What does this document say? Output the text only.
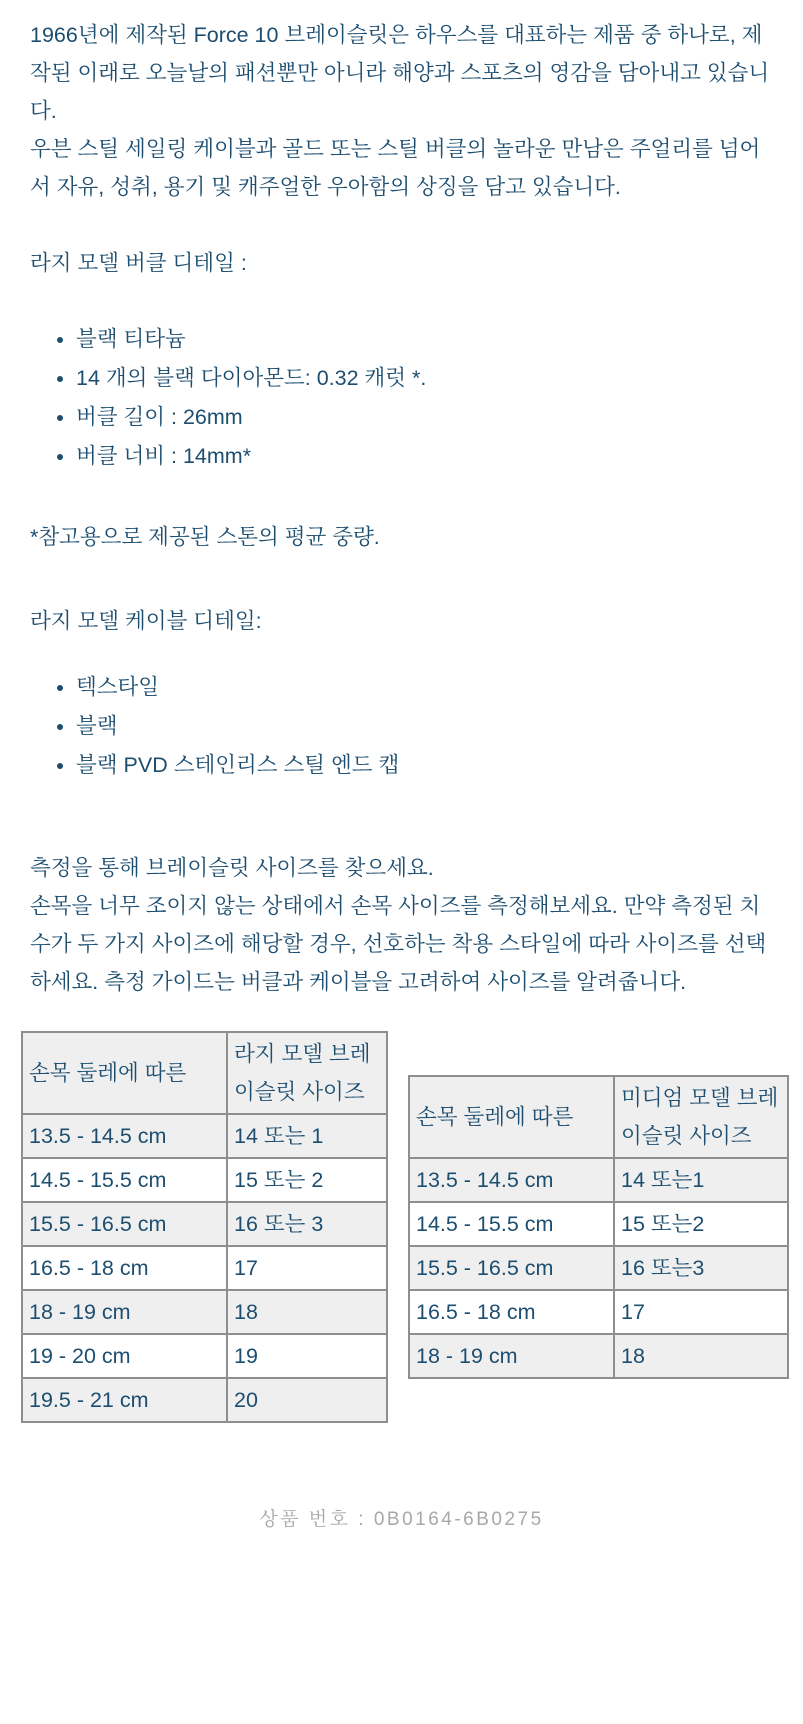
1966년에 제작된 Force 10 브레이슬릿은 하우스를 대표하는 제품 중 하나로, 제작된 이래로 오늘날의 패션뿐만 아니라 해양과 스포츠의 영감을 담아내고 있습니다.
우븐 스틸 세일링 케이블과 골드 또는 스틸 버클의 놀라운 만남은 주얼리를 넘어서 자유, 성취, 용기 및 캐주얼한 우아함의 상징을 담고 있습니다.

라지 모델 버클 디테일 :

• 블랙 티타늄
• 14 개의 블랙 다이아몬드: 0.32 캐럿 *.
• 버클 길이 : 26mm
• 버클 너비 : 14mm*

*참고용으로 제공된 스톤의 평균 중량.

라지 모델 케이블 디테일:

• 텍스타일
• 블랙
• 블랙 PVD 스테인리스 스틸 엔드 캡

측정을 통해 브레이슬릿 사이즈를 찾으세요.
손목을 너무 조이지 않는 상태에서 손목 사이즈를 측정해보세요. 만약 측정된 치수가 두 가지 사이즈에 해당할 경우, 선호하는 착용 스타일에 따라 사이즈를 선택하세요. 측정 가이드는 버클과 케이블을 고려하여 사이즈를 알려줍니다.

손목 둘레에 따른	라지 모델 브레이슬릿 사이즈
13.5 - 14.5 cm	14 또는 1
14.5 - 15.5 cm	15 또는 2
15.5 - 16.5 cm	16 또는 3
16.5 - 18 cm	17
18 - 19 cm	18
19 - 20 cm	19
19.5 - 21 cm	20

손목 둘레에 따른	미디엄 모델 브레이슬릿 사이즈
13.5 - 14.5 cm	14 또는1
14.5 - 15.5 cm	15 또는2
15.5 - 16.5 cm	16 또는3
16.5 - 18 cm	17
18 - 19 cm	18

상품 번호 : 0B0164-6B0275
